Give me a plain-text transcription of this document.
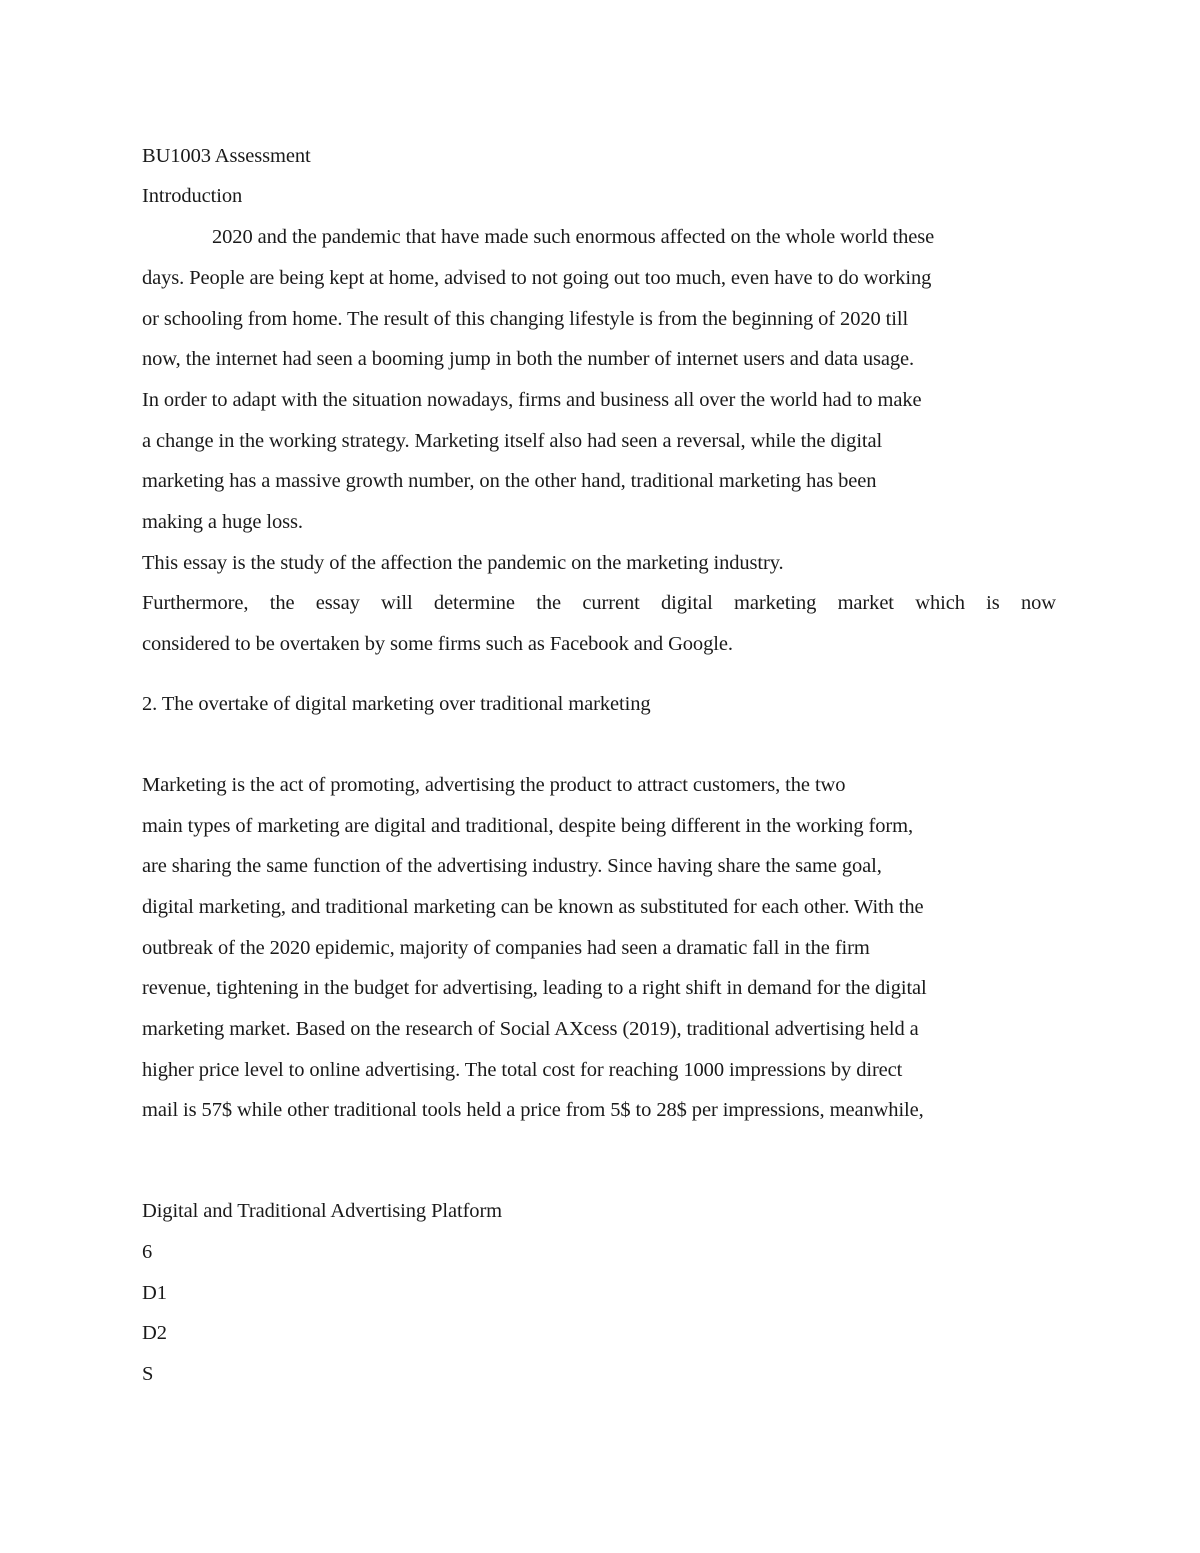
BU1003 Assessment
Introduction
2020 and the pandemic that have made such enormous affected on the whole world these
days. People are being kept at home, advised to not going out too much, even have to do working
or schooling from home. The result of this changing lifestyle is from the beginning of 2020 till
now, the internet had seen a booming jump in both the number of internet users and data usage.
In order to adapt with the situation nowadays, firms and business all over the world had to make
a change in the working strategy. Marketing itself also had seen a reversal, while the digital
marketing has a massive growth number, on the other hand, traditional marketing has been
making a huge loss.
This essay is the study of the affection the pandemic on the marketing industry.
Furthermore, the essay will determine the current digital marketing market which is now
considered to be overtaken by some firms such as Facebook and Google.
2. The overtake of digital marketing over traditional marketing
Marketing is the act of promoting, advertising the product to attract customers, the two
main types of marketing are digital and traditional, despite being different in the working form,
are sharing the same function of the advertising industry. Since having share the same goal,
digital marketing, and traditional marketing can be known as substituted for each other. With the
outbreak of the 2020 epidemic, majority of companies had seen a dramatic fall in the firm
revenue, tightening in the budget for advertising, leading to a right shift in demand for the digital
marketing market. Based on the research of Social AXcess (2019), traditional advertising held a
higher price level to online advertising. The total cost for reaching 1000 impressions by direct
mail is 57$ while other traditional tools held a price from 5$ to 28$ per impressions, meanwhile,
Digital and Traditional Advertising Platform
6
D1
D2
S
